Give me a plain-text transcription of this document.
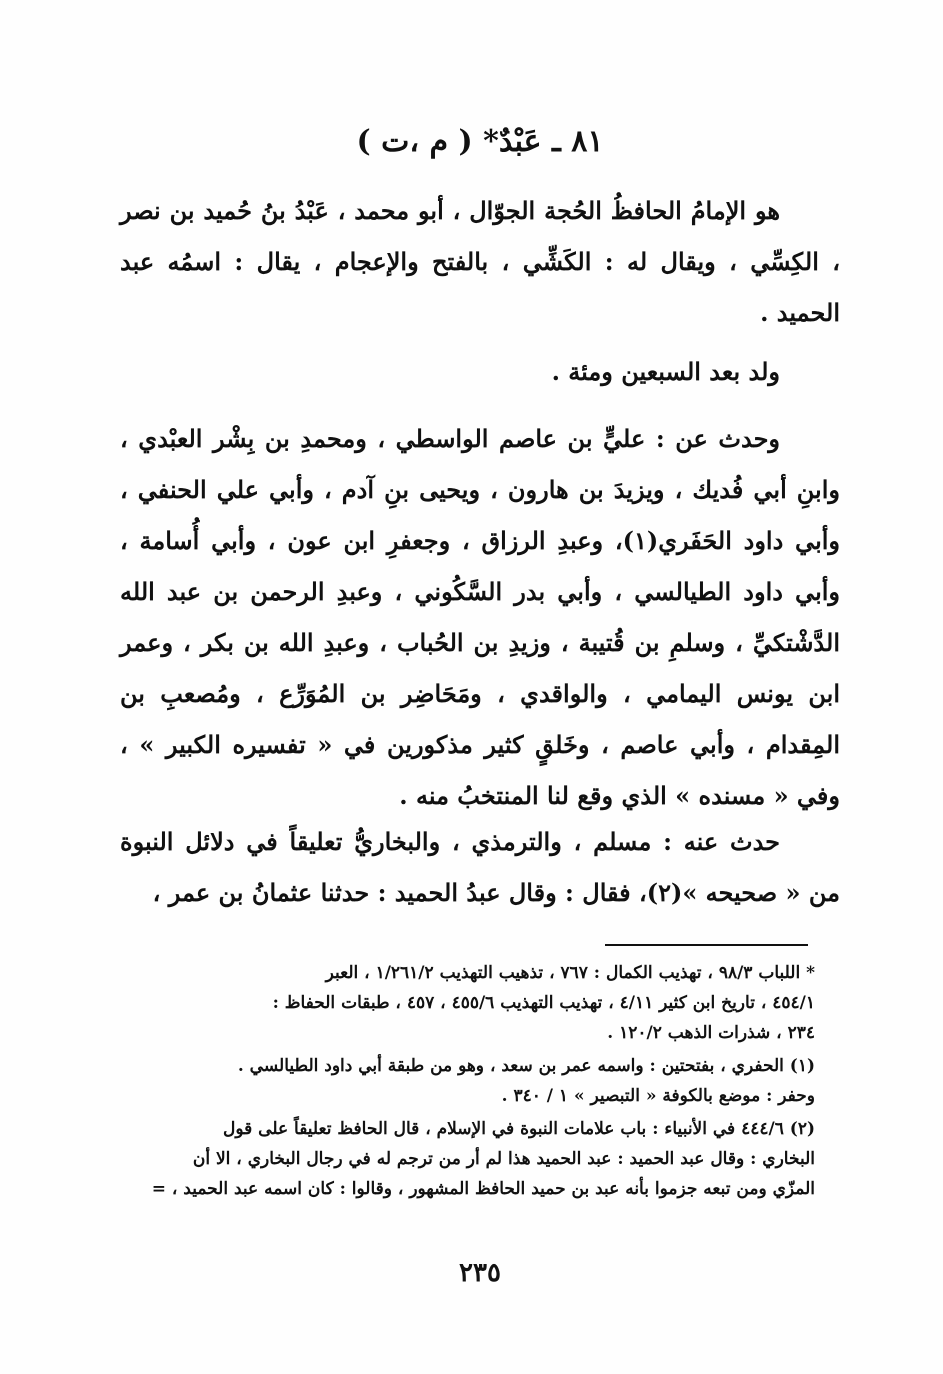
٨١ ـ عَبْدٌ* ( م ،ت )

هو الإمامُ الحافظُ الحُجة الجوّال ، أبو محمد ، عَبْدُ بنُ حُميد بن نصر ، الكِسِّي ، ويقال له : الكَشِّي ، بالفتح والإعجام ، يقال : اسمُه عبد الحميد .

ولد بعد السبعين ومئة .

وحدث عن : عليٍّ بن عاصم الواسطي ، ومحمدِ بن بِشْر العبْدي ، وابنِ أبي فُديك ، ويزيدَ بن هارون ، ويحيى بنِ آدم ، وأبي علي الحنفي ، وأبي داود الحَفَري(١)، وعبدِ الرزاق ، وجعفرِ ابن عون ، وأبي أُسامة ، وأبي داود الطيالسي ، وأبي بدر السَّكُوني ، وعبدِ الرحمن بن عبد الله الدَّشْتكيِّ ، وسلمِ بن قُتيبة ، وزيدِ بن الحُباب ، وعبدِ الله بن بكر ، وعمر ابن يونس اليمامي ، والواقدي ، ومَحَاضِر بن المُوَرِّع ، ومُصعبِ بن المِقدام ، وأبي عاصم ، وخَلقٍ كثير مذكورين في « تفسيره الكبير » ، وفي « مسنده » الذي وقع لنا المنتخبُ منه .

حدث عنه : مسلم ، والترمذي ، والبخاريُّ تعليقاً في دلائل النبوة من « صحيحه »(٢)، فقال : وقال عبدُ الحميد : حدثنا عثمانُ بن عمر ،

* اللباب ٩٨/٣ ، تهذيب الكمال : ٧٦٧ ، تذهيب التهذيب ١/٢٦١/٢ ، العبر
٤٥٤/١ ، تاريخ ابن كثير ٤/١١ ، تهذيب التهذيب ٤٥٥/٦ ، ٤٥٧ ، طبقات الحفاظ :
٢٣٤ ، شذرات الذهب ١٢٠/٢ .
(١) الحفري ، بفتحتين : واسمه عمر بن سعد ، وهو من طبقة أبي داود الطيالسي .
وحفر : موضع بالكوفة « التبصير » ١ / ٣٤٠ .
(٢) ٤٤٤/٦ في الأنبياء : باب علامات النبوة في الإسلام ، قال الحافظ تعليقاً على قول
البخاري : وقال عبد الحميد : عبد الحميد هذا لم أر من ترجم له في رجال البخاري ، الا أن
المزّي ومن تبعه جزموا بأنه عبد بن حميد الحافظ المشهور ، وقالوا : كان اسمه عبد الحميد ، =
٢٣٥
